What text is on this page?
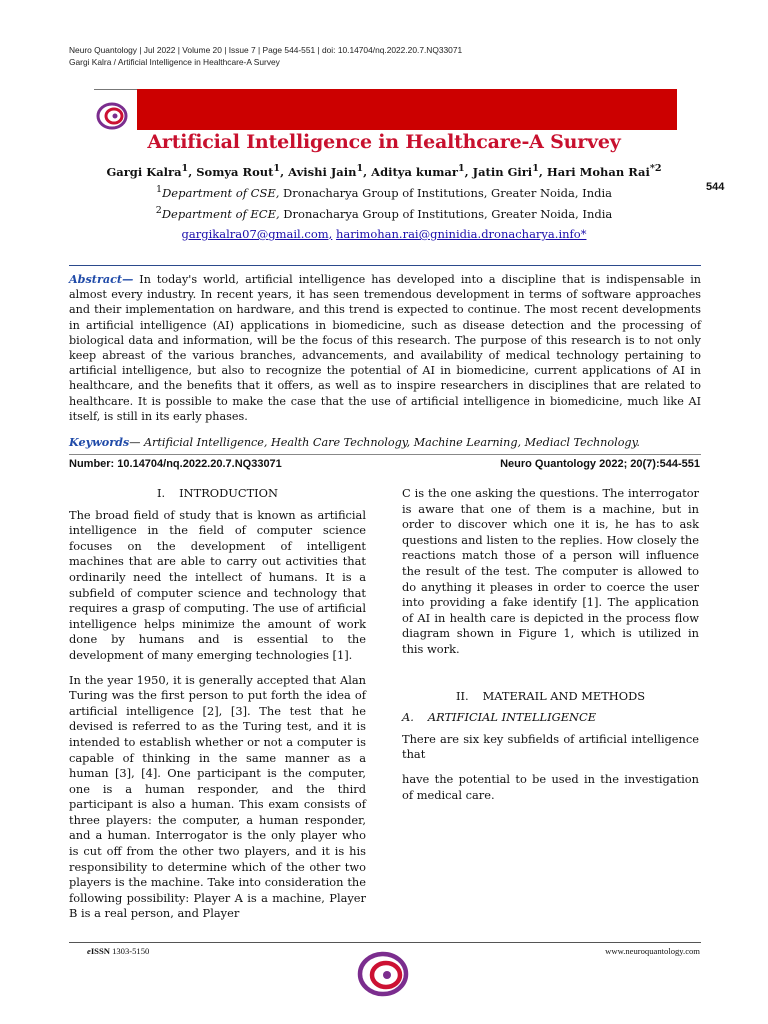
Neuro Quantology | Jul 2022 | Volume 20 | Issue 7 | Page 544-551 | doi: 10.14704/nq.2022.20.7.NQ33071
Gargi Kalra / Artificial Intelligence in Healthcare-A Survey
Artificial Intelligence in Healthcare-A Survey
Gargi Kalra$^1$, Somya Rout$^1$, Avishi Jain$^1$, Aditya kumar$^1$, Jatin Giri$^1$, Hari Mohan Rai$^{*2}$
$^1$Department of CSE, Dronacharya Group of Institutions, Greater Noida, India
$^2$Department of ECE, Dronacharya Group of Institutions, Greater Noida, India
gargikalra07@gmail.com, harimohan.rai@gninidia.dronacharya.info*
544
Abstract— In today's world, artificial intelligence has developed into a discipline that is indispensable in almost every industry. In recent years, it has seen tremendous development in terms of software approaches and their implementation on hardware, and this trend is expected to continue. The most recent developments in artificial intelligence (AI) applications in biomedicine, such as disease detection and the processing of biological data and information, will be the focus of this research. The purpose of this research is to not only keep abreast of the various branches, advancements, and availability of medical technology pertaining to artificial intelligence, but also to recognize the potential of AI in biomedicine, current applications of AI in healthcare, and the benefits that it offers, as well as to inspire researchers in disciplines that are related to healthcare. It is possible to make the case that the use of artificial intelligence in biomedicine, much like AI itself, is still in its early phases.
Keywords— Artificial Intelligence, Health Care Technology, Machine Learning, Mediacl Technology.
Number: 10.14704/nq.2022.20.7.NQ33071	Neuro Quantology 2022; 20(7):544-551
I. INTRODUCTION

The broad field of study that is known as artificial intelligence in the field of computer science focuses on the development of intelligent machines that are able to carry out activities that ordinarily need the intellect of humans. It is a subfield of computer science and technology that requires a grasp of computing. The use of artificial intelligence helps minimize the amount of work done by humans and is essential to the development of many emerging technologies [1].

In the year 1950, it is generally accepted that Alan Turing was the first person to put forth the idea of artificial intelligence [2], [3]. The test that he devised is referred to as the Turing test, and it is intended to establish whether or not a computer is capable of thinking in the same manner as a human [3], [4]. One participant is the computer, one is a human responder, and the third participant is also a human. This exam consists of three players: the computer, a human responder, and a human. Interrogator is the only player who is cut off from the other two players, and it is his responsibility to determine which of the other two players is the machine. Take into consideration the following possibility: Player A is a machine, Player B is a real person, and Player

C is the one asking the questions. The interrogator is aware that one of them is a machine, but in order to discover which one it is, he has to ask questions and listen to the replies. How closely the reactions match those of a person will influence the result of the test. The computer is allowed to do anything it pleases in order to coerce the user into providing a fake identify [1]. The application of AI in health care is depicted in the process flow diagram shown in Figure 1, which is utilized in this work.

II. MATERAIL AND METHODS
A. ARTIFICIAL INTELLIGENCE

There are six key subfields of artificial intelligence that

have the potential to be used in the investigation of medical care.

eISSN 1303-5150	www.neuroquantology.com
